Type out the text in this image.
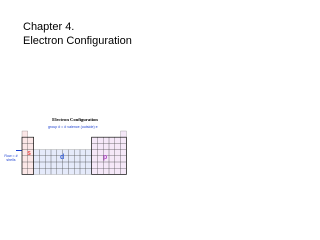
Chapter 4.
Electron Configuration
Electron Configuration
group # = # valence (outside) e
Row = # shells
s
d	p
